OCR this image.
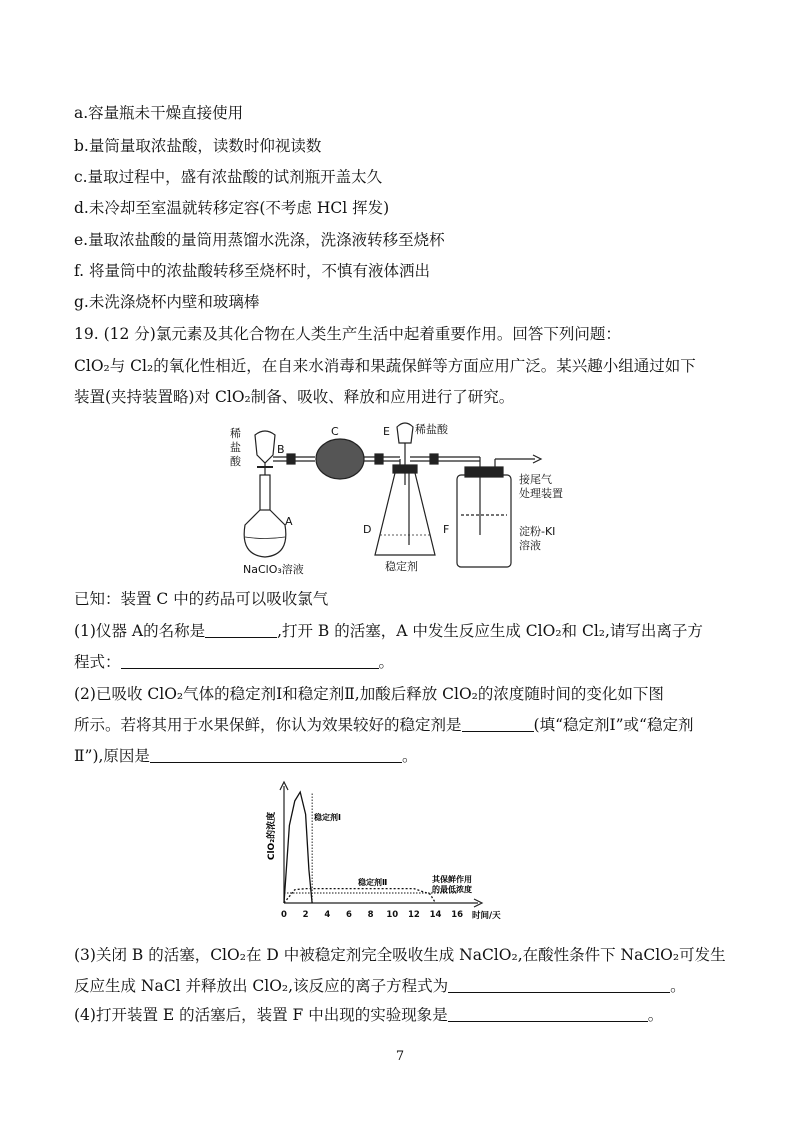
a.容量瓶未干燥直接使用
b.量筒量取浓盐酸，读数时仰视读数
c.量取过程中，盛有浓盐酸的试剂瓶开盖太久
d.未冷却至室温就转移定容(不考虑 HCl 挥发)
e.量取浓盐酸的量筒用蒸馏水洗涤，洗涤液转移至烧杯
f. 将量筒中的浓盐酸转移至烧杯时，不慎有液体洒出
g.未洗涤烧杯内壁和玻璃棒
19. (12 分)氯元素及其化合物在人类生产生活中起着重要作用。回答下列问题：
ClO₂与 Cl₂的氧化性相近，在自来水消毒和果蔬保鲜等方面应用广泛。某兴趣小组通过如下
装置(夹持装置略)对 ClO₂制备、吸收、释放和应用进行了研究。
稀
盐
酸
B
C	E 稀盐酸
A
NaClO₃溶液
D
稳定剂
F
接尾气
处理装置
淀粉-KI
溶液
已知：装置 C 中的药品可以吸收氯气
(1)仪器 A的名称是	,打开 B 的活塞，A 中发生反应生成 ClO₂和 Cl₂,请写出离子方
程式：	。
(2)已吸收 ClO₂气体的稳定剂Ⅰ和稳定剂Ⅱ,加酸后释放 ClO₂的浓度随时间的变化如下图
所示。若将其用于水果保鲜，你认为效果较好的稳定剂是	(填“稳定剂Ⅰ”或“稳定剂
Ⅱ”),原因是	。
ClO₂的浓度
时间/天
0 2 4 6 8 10 12 14 16
稳定剂Ⅰ
稳定剂Ⅱ	其保鲜作用
的最低浓度
(3)关闭 B 的活塞，ClO₂在 D 中被稳定剂完全吸收生成 NaClO₂,在酸性条件下 NaClO₂可发生
反应生成 NaCl 并释放出 ClO₂,该反应的离子方程式为	。
(4)打开装置 E 的活塞后，装置 F 中出现的实验现象是	。
7
